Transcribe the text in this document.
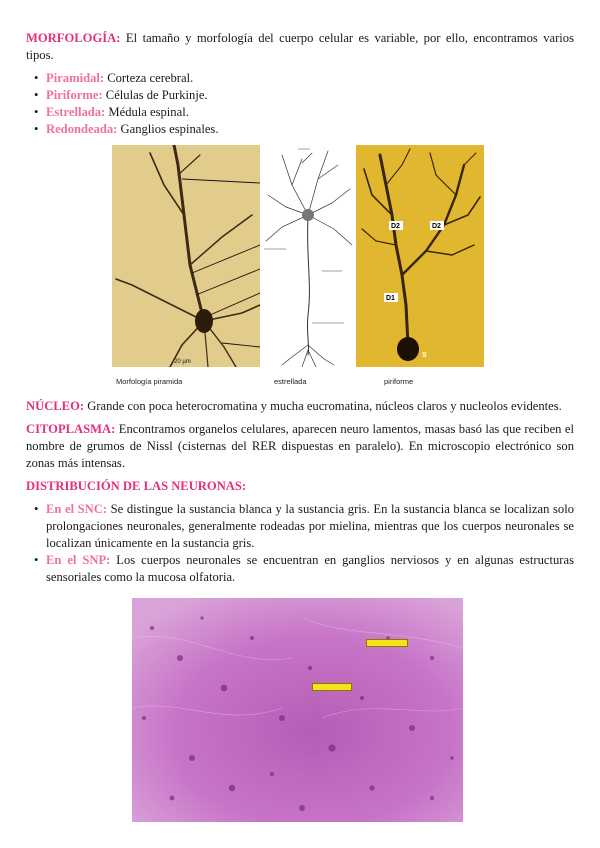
MORFOLOGÍA: El tamaño y morfología del cuerpo celular es variable, por ello, encontramos varios tipos.

• Piramidal: Corteza cerebral.
• Piriforme: Células de Purkinje.
• Estrellada: Médula espinal.
• Redondeada: Ganglios espinales.
20 µm
D2	D2
D1
S
Morfología piramida	estrellada	piriforme

NÚCLEO: Grande con poca heterocromatina y mucha eucromatina, núcleos claros y nucleolos evidentes.

CITOPLASMA: Encontramos organelos celulares, aparecen neuro lamentos, masas basó las que reciben el nombre de grumos de Nissl (cisternas del RER dispuestas en paralelo). En microscopio electrónico son zonas más intensas.

DISTRIBUCIÓN DE LAS NEURONAS:

• En el SNC: Se distingue la sustancia blanca y la sustancia gris. En la sustancia blanca se localizan solo prolongaciones neuronales, generalmente rodeadas por mielina, mientras que los cuerpos neuronales se localizan únicamente en la sustancia gris.
• En el SNP: Los cuerpos neuronales se encuentran en ganglios nerviosos y en algunas estructuras sensoriales como la mucosa olfatoria.
